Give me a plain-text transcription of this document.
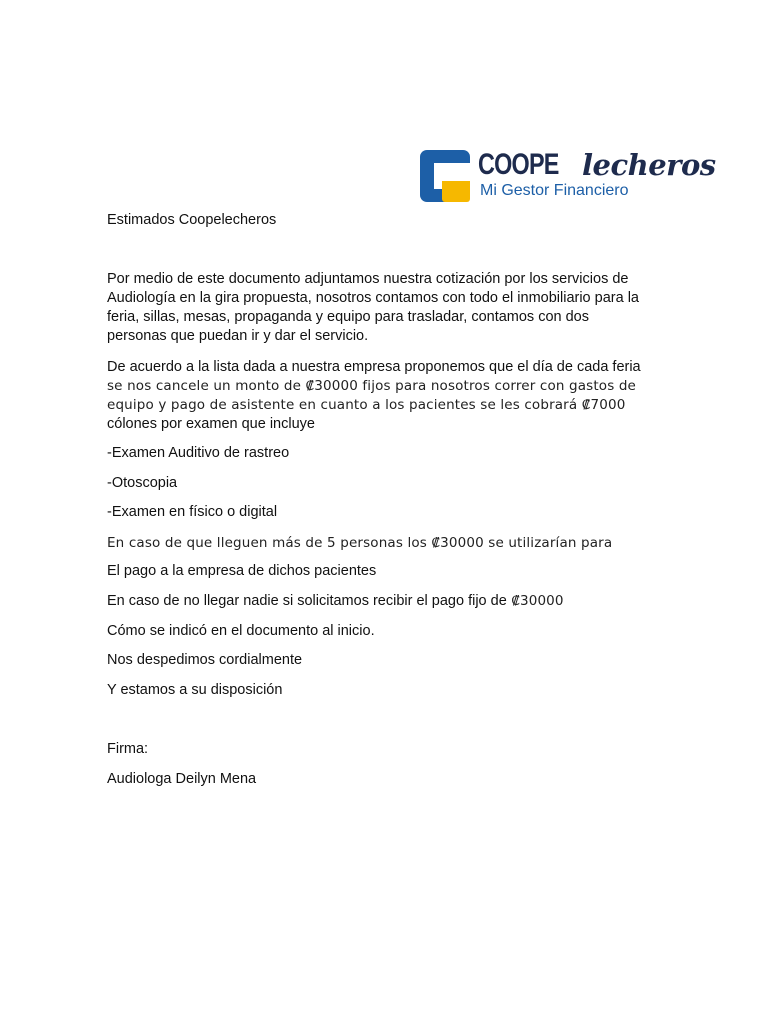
COOPE lecheros
Mi Gestor Financiero
Estimados Coopelecheros
Por medio de este documento adjuntamos nuestra cotización por los servicios de
Audiología en la gira propuesta, nosotros contamos con todo el inmobiliario para la
feria, sillas, mesas, propaganda y equipo para trasladar, contamos con dos
personas que puedan ir y dar el servicio.
De acuerdo a la lista dada a nuestra empresa proponemos que el día de cada feria
se nos cancele un monto de ₡30000 fijos para nosotros correr con gastos de
equipo y pago de asistente en cuanto a los pacientes se les cobrará ₡7000
cólones por examen que incluye
-Examen Auditivo de rastreo
-Otoscopia
-Examen en físico o digital
En caso de que lleguen más de 5 personas los ₡30000 se utilizarían para
El pago a la empresa de dichos pacientes
En caso de no llegar nadie si solicitamos recibir el pago fijo de ₡30000
Cómo se indicó en el documento al inicio.
Nos despedimos cordialmente
Y estamos a su disposición
Firma:
Audiologa Deilyn Mena
